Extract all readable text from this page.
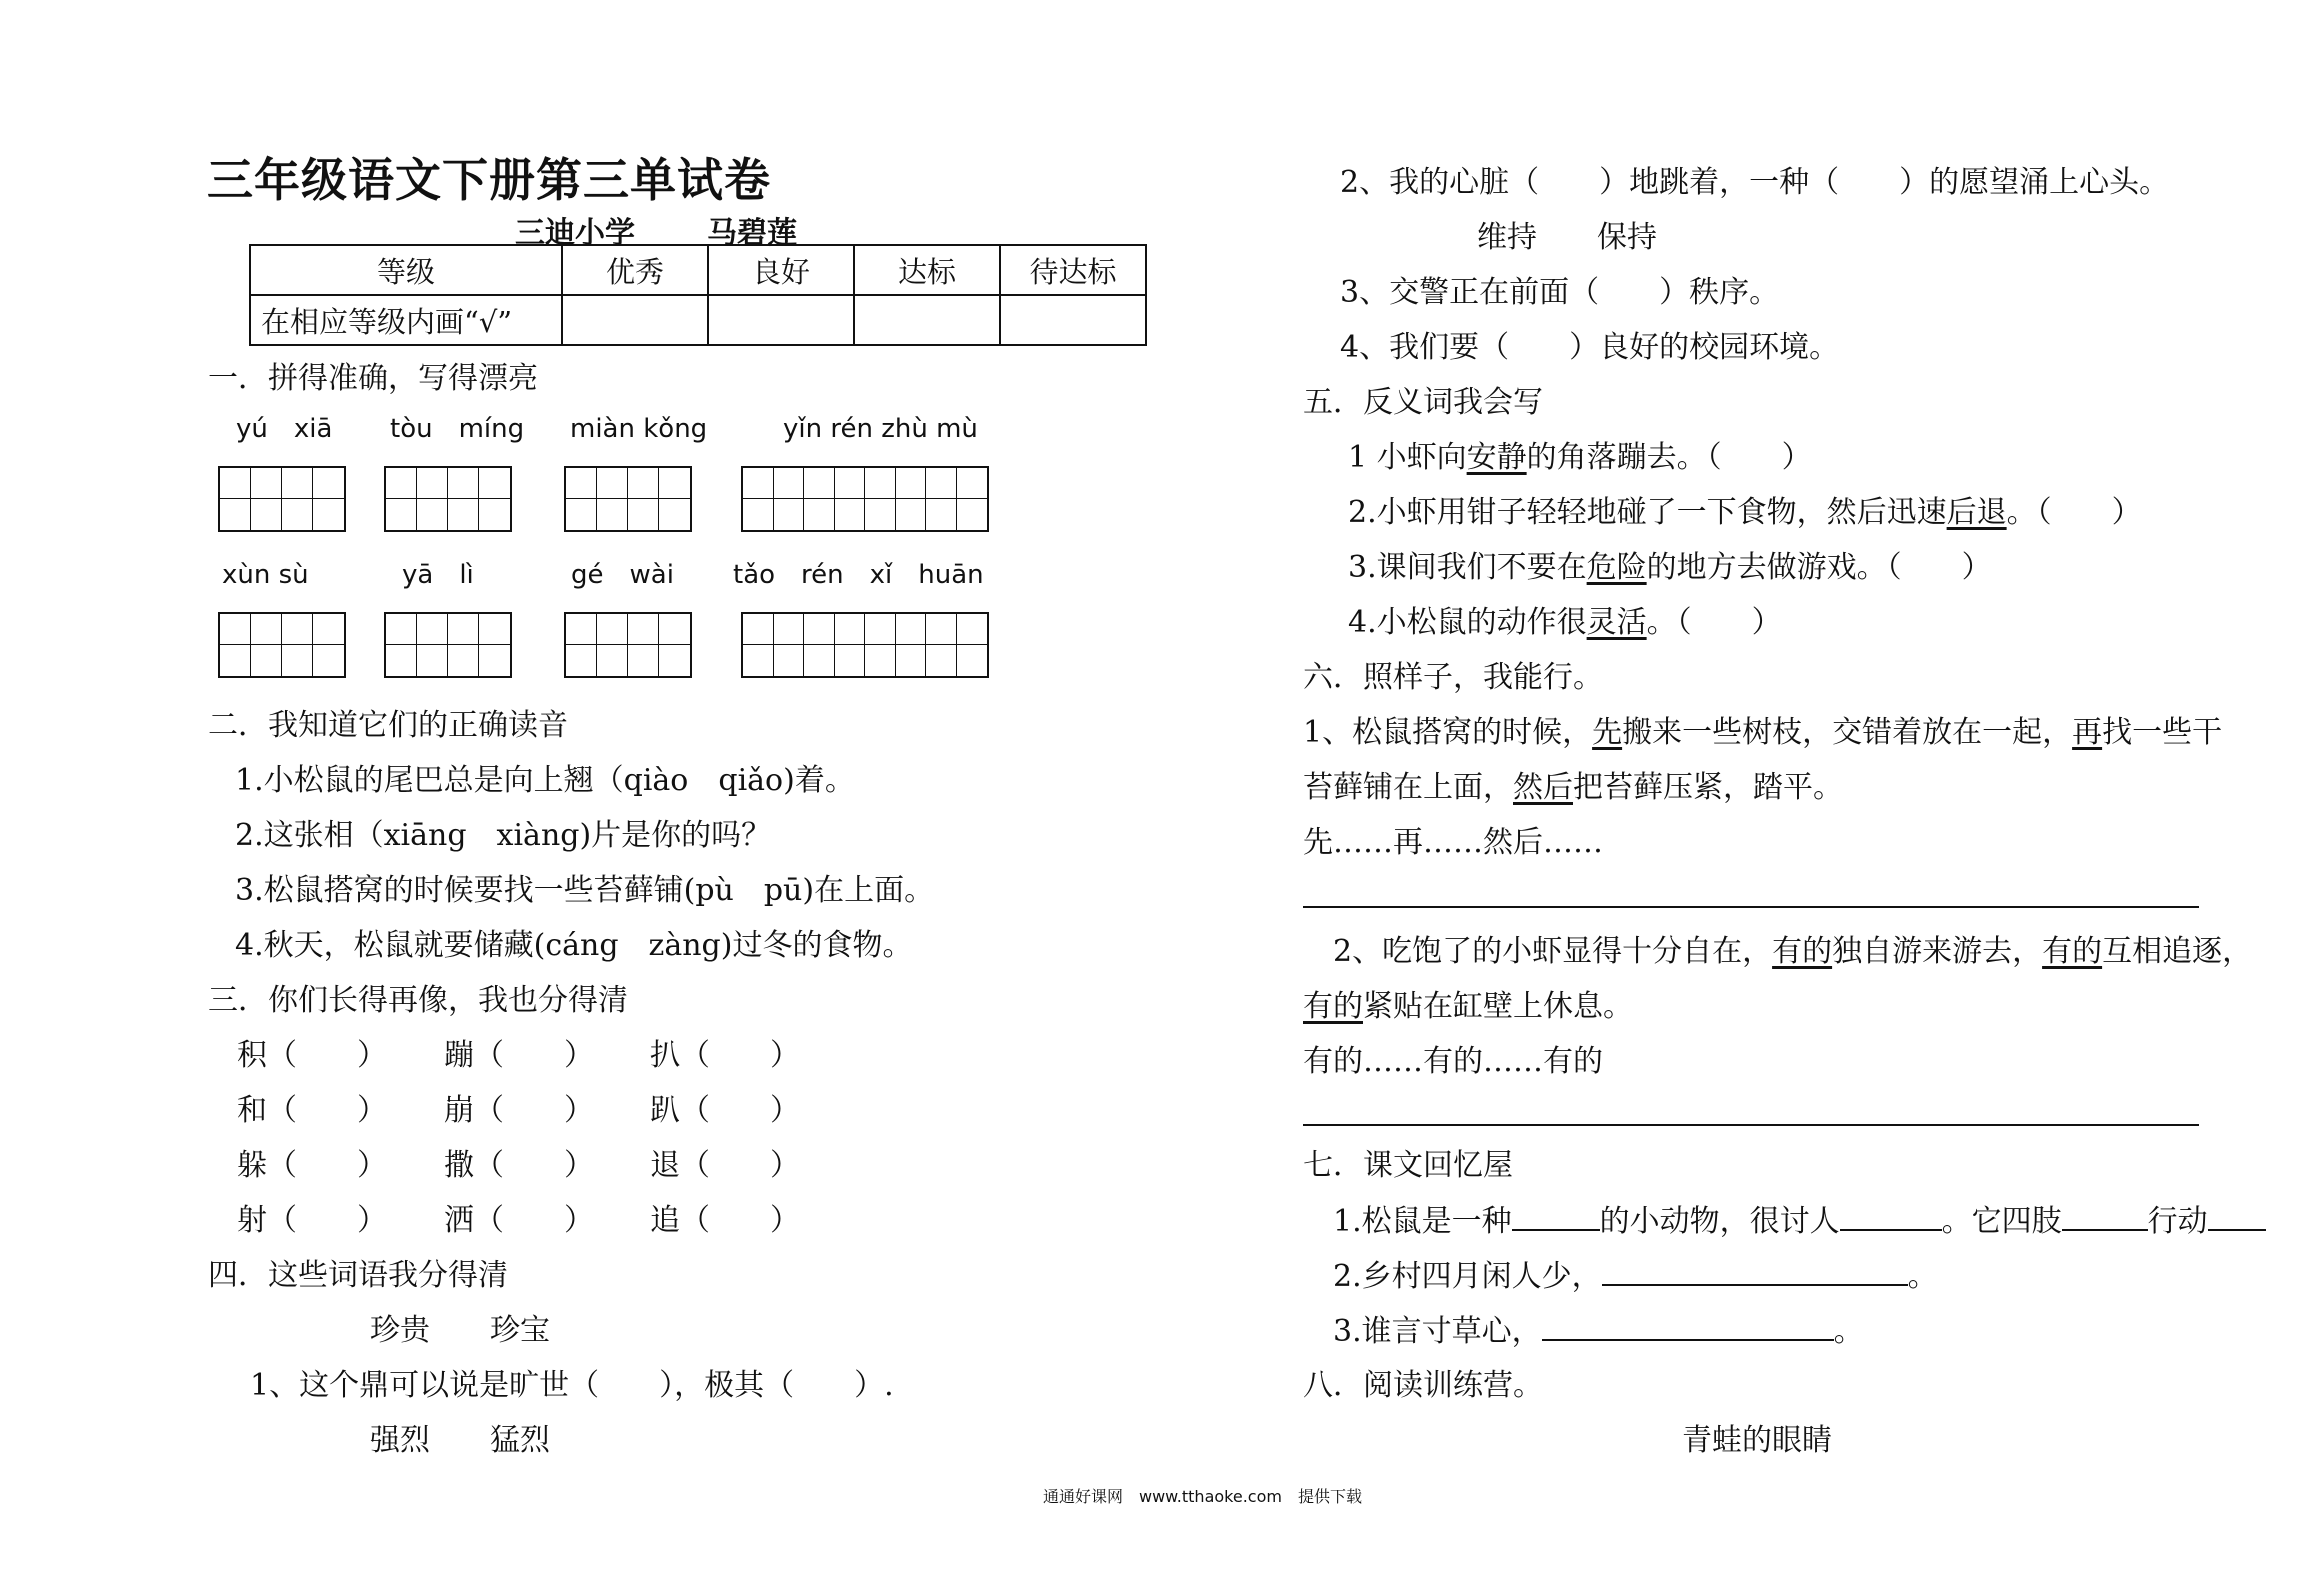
三年级语文下册第三单试卷
三迪小学 马碧莲
等级	优秀	良好	达标	待达标
在相应等级内画“√”				
一．拼得准确，写得漂亮
yú　xiā tòu　míng miàn kǒng	yǐn rén zhù mù
xùn sù	yā　lì	gé　wài tǎo　rén　xǐ　huān
二．我知道它们的正确读音
1.小松鼠的尾巴总是向上翘（qiào　qiǎo)着。
2.这张相（xiāng　xiàng)片是你的吗？
3.松鼠搭窝的时候要找一些苔藓铺(pù　pū)在上面。
4.秋天，松鼠就要储藏(cáng　zàng)过冬的食物。
三．你们长得再像，我也分得清
积（　　） 蹦（　　） 扒（　　）
和（　　） 崩（　　） 趴（　　）
躲（　　） 撒（　　） 退（　　）
射（　　） 洒（　　） 追（　　）
四．这些词语我分得清
珍贵　　珍宝
1、这个鼎可以说是旷世（　　），极其（　　）.
强烈　　猛烈
2、我的心脏（　　）地跳着，一种（　　）的愿望涌上心头。
维持　　保持
3、交警正在前面（　　）秩序。
4、我们要（　　）良好的校园环境。
五．反义词我会写
1 小虾向安静的角落蹦去。（　　）
2.小虾用钳子轻轻地碰了一下食物，然后迅速后退。（　　）
3.课间我们不要在危险的地方去做游戏。（　　）
4.小松鼠的动作很灵活。（　　）
六．照样子，我能行。
1、松鼠搭窝的时候，先搬来一些树枝，交错着放在一起，再找一些干
苔藓铺在上面，然后把苔藓压紧，踏平。
先……再……然后……
2、吃饱了的小虾显得十分自在，有的独自游来游去，有的互相追逐，
有的紧贴在缸壁上休息。
有的……有的……有的
七．课文回忆屋
1.松鼠是一种	的小动物，很讨人	。它四肢	行动
2.乡村四月闲人少，	。
3.谁言寸草心，	。
八．阅读训练营。
青蛙的眼睛
通通好课网　www.tthaoke.com　提供下载
